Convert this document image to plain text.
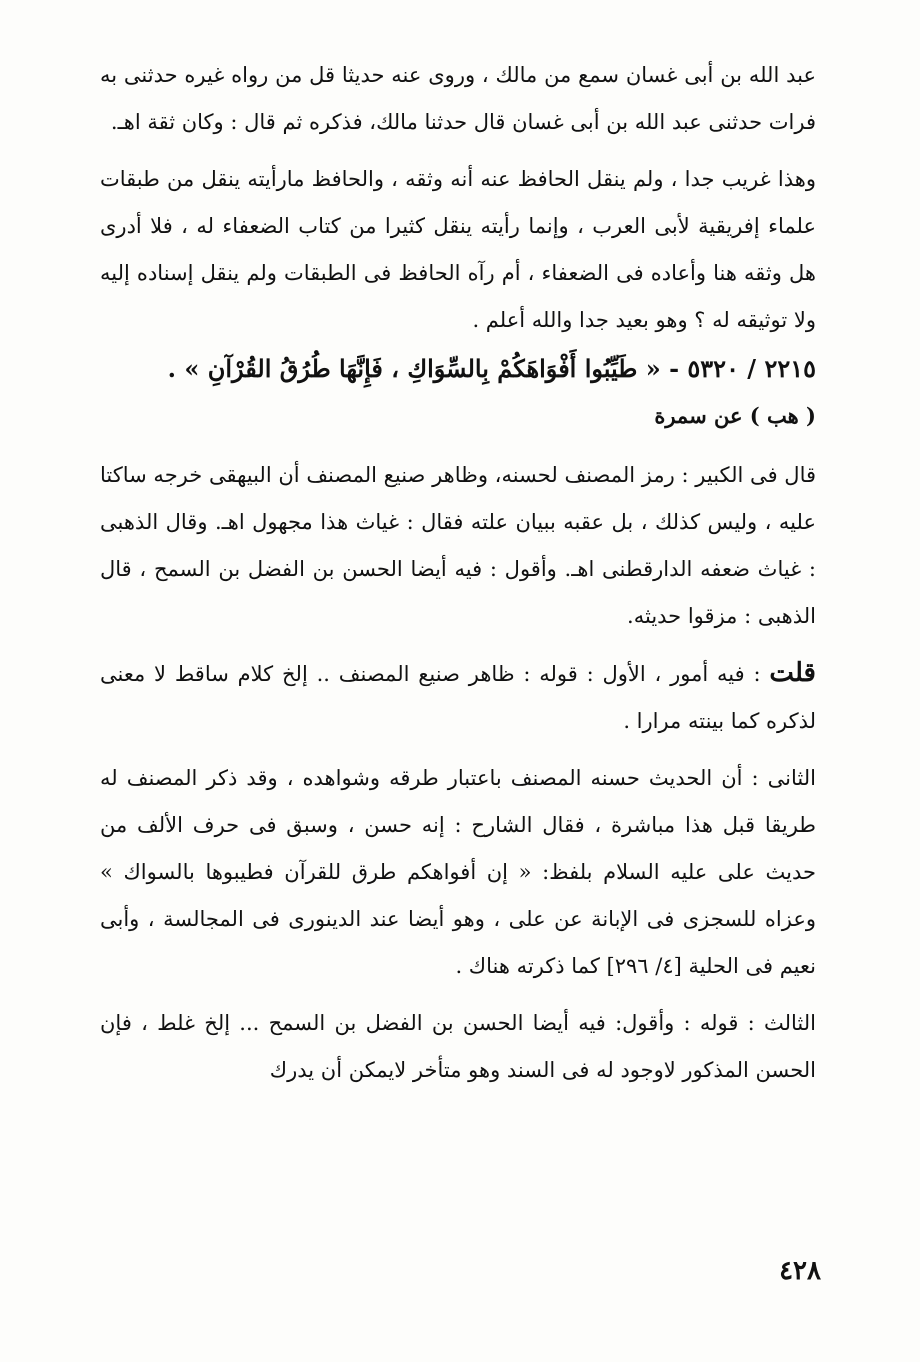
عبد الله بن أبى غسان سمع من مالك ، وروى عنه حديثا قل من رواه غيره حدثنى به فرات حدثنى عبد الله بن أبى غسان قال حدثنا مالك، فذكره ثم قال : وكان ثقة اهـ.

وهذا غريب جدا ، ولم ينقل الحافظ عنه أنه وثقه ، والحافظ مارأيته ينقل من طبقات علماء إفريقية لأبى العرب ، وإنما رأيته ينقل كثيرا من كتاب الضعفاء له ، فلا أدرى هل وثقه هنا وأعاده فى الضعفاء ، أم رآه الحافظ فى الطبقات ولم ينقل إسناده إليه ولا توثيقه له ؟ وهو بعيد جدا والله أعلم .

٢٢١٥ / ٥٣٢٠ - « طَيِّبُوا أَفْوَاهَكُمْ بِالسِّوَاكِ ، فَإِنَّهَا طُرُقُ القُرْآنِ » .
( هب ) عن سمرة

قال فى الكبير : رمز المصنف لحسنه، وظاهر صنيع المصنف أن البيهقى خرجه ساكتا عليه ، وليس كذلك ، بل عقبه ببيان علته فقال : غياث هذا مجهول اهـ. وقال الذهبى : غياث ضعفه الدارقطنى اهـ. وأقول : فيه أيضا الحسن بن الفضل بن السمح ، قال الذهبى : مزقوا حديثه.

قلت : فيه أمور ، الأول : قوله : ظاهر صنيع المصنف .. إلخ كلام ساقط لا معنى لذكره كما بينته مرارا .

الثانى : أن الحديث حسنه المصنف باعتبار طرقه وشواهده ، وقد ذكر المصنف له طريقا قبل هذا مباشرة ، فقال الشارح : إنه حسن ، وسبق فى حرف الألف من حديث على عليه السلام بلفظ: « إن أفواهكم طرق للقرآن فطيبوها بالسواك » وعزاه للسجزى فى الإبانة عن على ، وهو أيضا عند الدينورى فى المجالسة ، وأبى نعيم فى الحلية [٤/ ٢٩٦] كما ذكرته هناك .

الثالث : قوله : وأقول: فيه أيضا الحسن بن الفضل بن السمح ... إلخ غلط ، فإن الحسن المذكور لاوجود له فى السند وهو متأخر لايمكن أن يدرك

٤٢٨
